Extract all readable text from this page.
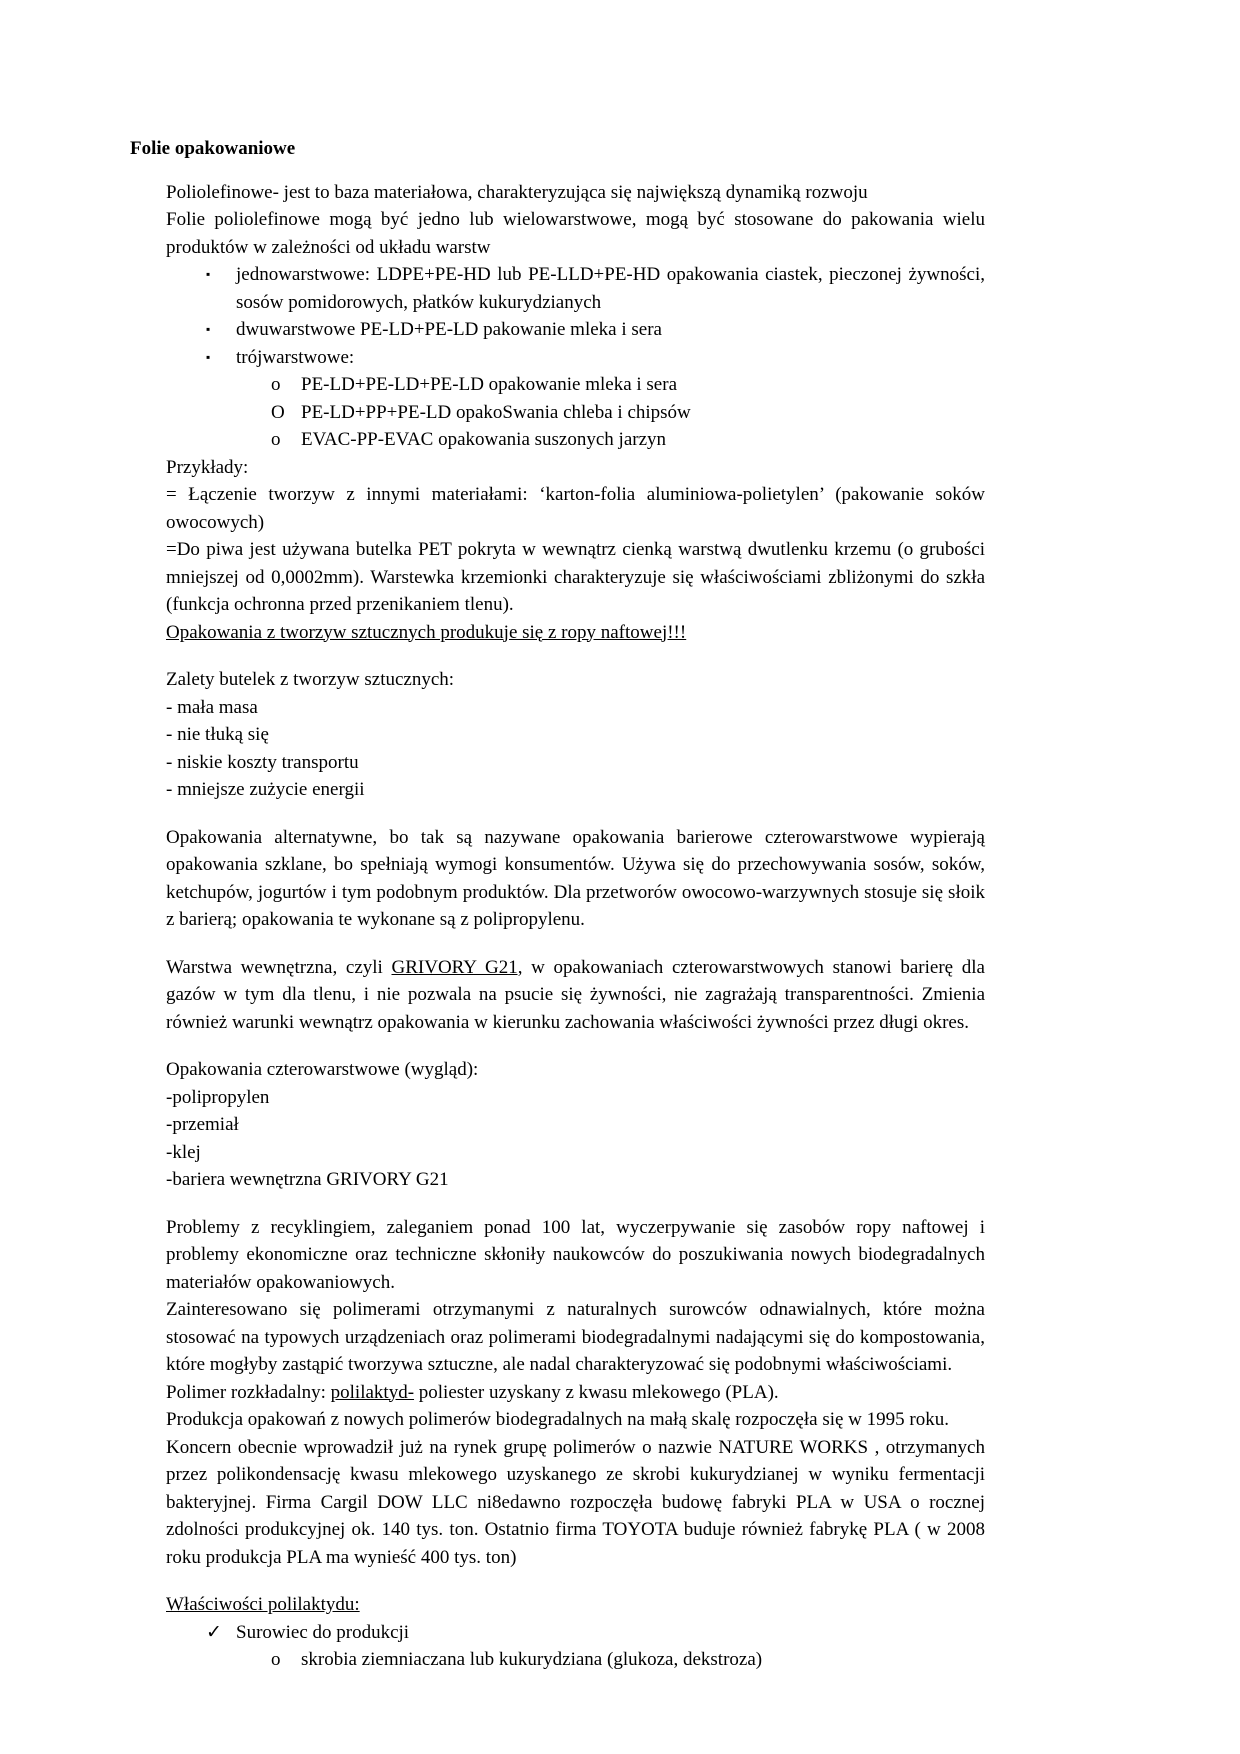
Folie opakowaniowe
Poliolefinowe- jest to baza materiałowa, charakteryzująca się największą dynamiką rozwoju
Folie poliolefinowe mogą być jedno lub wielowarstwowe, mogą być stosowane do pakowania wielu produktów w zależności od układu warstw
▪	jednowarstwowe: LDPE+PE-HD lub PE-LLD+PE-HD opakowania ciastek, pieczonej żywności, sosów pomidorowych, płatków kukurydzianych
▪	dwuwarstwowe PE-LD+PE-LD pakowanie mleka i sera
▪	trójwarstwowe:
o	PE-LD+PE-LD+PE-LD opakowanie mleka i sera
O PE-LD+PP+PE-LD opakoSwania chleba i chipsów
o	EVAC-PP-EVAC opakowania suszonych jarzyn
Przykłady:
= Łączenie tworzyw z innymi materiałami: ‘karton-folia aluminiowa-polietylen’ (pakowanie soków owocowych)
=Do piwa jest używana butelka PET pokryta w wewnątrz cienką warstwą dwutlenku krzemu (o grubości mniejszej od 0,0002mm). Warstewka krzemionki charakteryzuje się właściwościami zbliżonymi do szkła (funkcja ochronna przed przenikaniem tlenu).
Opakowania z tworzyw sztucznych produkuje się z ropy naftowej!!!
Zalety butelek z tworzyw sztucznych:
- mała masa
- nie tłuką się
- niskie koszty transportu
- mniejsze zużycie energii
Opakowania alternatywne, bo tak są nazywane opakowania barierowe czterowarstwowe wypierają opakowania szklane, bo spełniają wymogi konsumentów. Używa się do przechowywania sosów, soków, ketchupów, jogurtów i tym podobnym produktów. Dla przetworów owocowo-warzywnych stosuje się słoik z barierą; opakowania te wykonane są z polipropylenu.
Warstwa wewnętrzna, czyli GRIVORY G21, w opakowaniach czterowarstwowych stanowi barierę dla gazów w tym dla tlenu, i nie pozwala na psucie się żywności, nie zagrażają transparentności. Zmienia również warunki wewnątrz opakowania w kierunku zachowania właściwości żywności przez długi okres.
Opakowania czterowarstwowe (wygląd):
-polipropylen
-przemiał
-klej
-bariera wewnętrzna GRIVORY G21
Problemy z recyklingiem, zaleganiem ponad 100 lat, wyczerpywanie się zasobów ropy naftowej i problemy ekonomiczne oraz techniczne skłoniły naukowców do poszukiwania nowych biodegradalnych materiałów opakowaniowych.
Zainteresowano się polimerami otrzymanymi z naturalnych surowców odnawialnych, które można stosować na typowych urządzeniach oraz polimerami biodegradalnymi nadającymi się do kompostowania, które mogłyby zastąpić tworzywa sztuczne, ale nadal charakteryzować się podobnymi właściwościami.
Polimer rozkładalny: polilaktyd- poliester uzyskany z kwasu mlekowego (PLA).
Produkcja opakowań z nowych polimerów biodegradalnych na małą skalę rozpoczęła się w 1995 roku.
Koncern obecnie wprowadził już na rynek grupę polimerów o nazwie NATURE WORKS , otrzymanych przez polikondensację kwasu mlekowego uzyskanego ze skrobi kukurydzianej w wyniku fermentacji bakteryjnej. Firma Cargil DOW LLC ni8edawno rozpoczęła budowę fabryki PLA w USA o rocznej zdolności produkcyjnej ok. 140 tys. ton. Ostatnio firma TOYOTA buduje również fabrykę PLA ( w 2008 roku produkcja PLA ma wynieść 400 tys. ton)
Właściwości polilaktydu:
✓ Surowiec do produkcji
o	skrobia ziemniaczana lub kukurydziana (glukoza, dekstroza)
